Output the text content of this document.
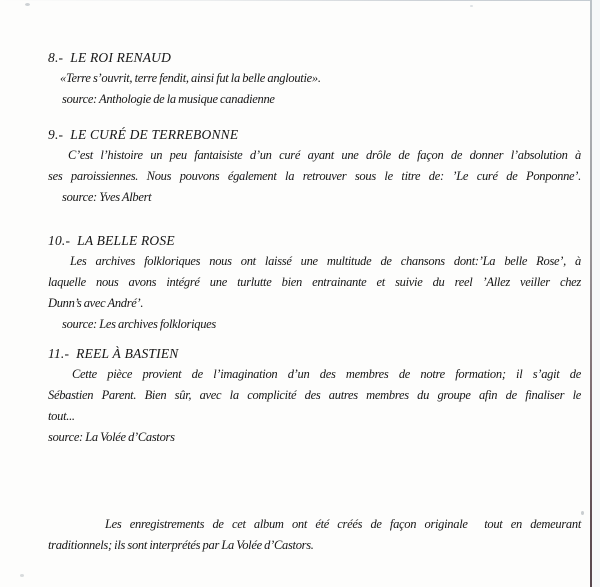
8.- LE ROI RENAUD
«Terre s’ouvrit, terre fendit, ainsi fut la belle angloutie».
source: Anthologie de la musique canadienne
9.- LE CURÉ DE TERREBONNE
C’est l’histoire un peu fantaisiste d’un curé ayant une drôle de façon de donner l’absolution à
ses paroissiennes. Nous pouvons également la retrouver sous le titre de: ’Le curé de Ponponne’.
source: Yves Albert
10.- LA BELLE ROSE
Les archives folkloriques nous ont laissé une multitude de chansons dont:’La belle Rose’, à
laquelle nous avons intégré une turlutte bien entrainante et suivie du reel ’Allez veiller chez
Dunn’s avec André’.
source: Les archives folkloriques
11.- REEL À BASTIEN
Cette pièce provient de l’imagination d’un des membres de notre formation; il s’agit de
Sébastien Parent. Bien sûr, avec la complicité des autres membres du groupe afin de finaliser le
tout...
source: La Volée d’Castors
Les enregistrements de cet album ont été créés de façon originale  tout en demeurant
traditionnels; ils sont interprétés par La Volée d’Castors.
